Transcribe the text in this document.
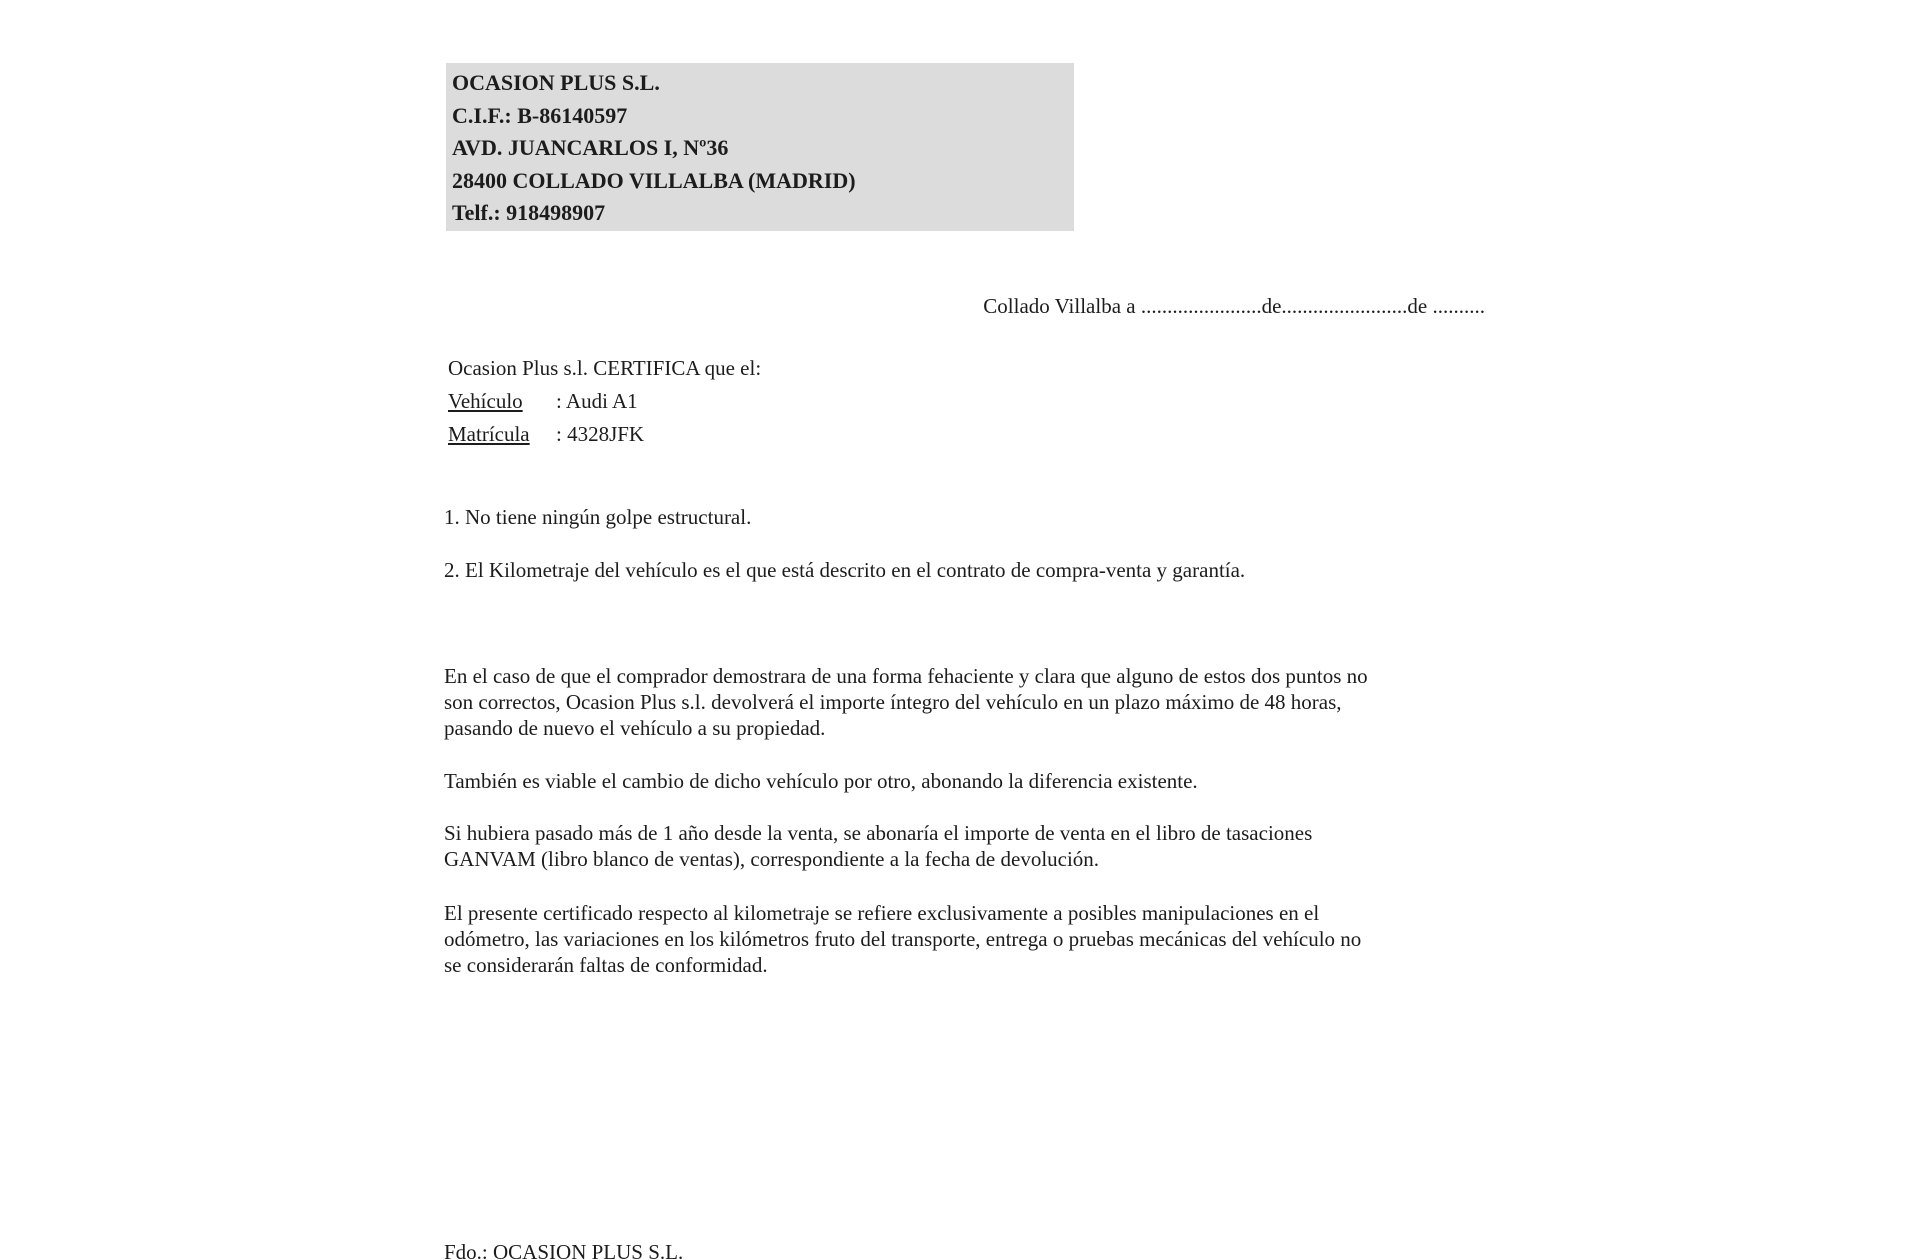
OCASION PLUS S.L.
C.I.F.: B-86140597
AVD. JUANCARLOS I, Nº36
28400 COLLADO VILLALBA (MADRID)
Telf.: 918498907
Collado Villalba a .......................de........................de ..........
Ocasion Plus s.l. CERTIFICA que el:
Vehículo : Audi A1
Matrícula : 4328JFK
1. No tiene ningún golpe estructural.
2. El Kilometraje del vehículo es el que está descrito en el contrato de compra-venta y garantía.
En el caso de que el comprador demostrara de una forma fehaciente y clara que alguno de estos dos puntos no
son correctos, Ocasion Plus s.l. devolverá el importe íntegro del vehículo en un plazo máximo de 48 horas,
pasando de nuevo el vehículo a su propiedad.
También es viable el cambio de dicho vehículo por otro, abonando la diferencia existente.
Si hubiera pasado más de 1 año desde la venta, se abonaría el importe de venta en el libro de tasaciones
GANVAM (libro blanco de ventas), correspondiente a la fecha de devolución.
El presente certificado respecto al kilometraje se refiere exclusivamente a posibles manipulaciones en el
odómetro, las variaciones en los kilómetros fruto del transporte, entrega o pruebas mecánicas del vehículo no
se considerarán faltas de conformidad.
Fdo.: OCASION PLUS S.L.
